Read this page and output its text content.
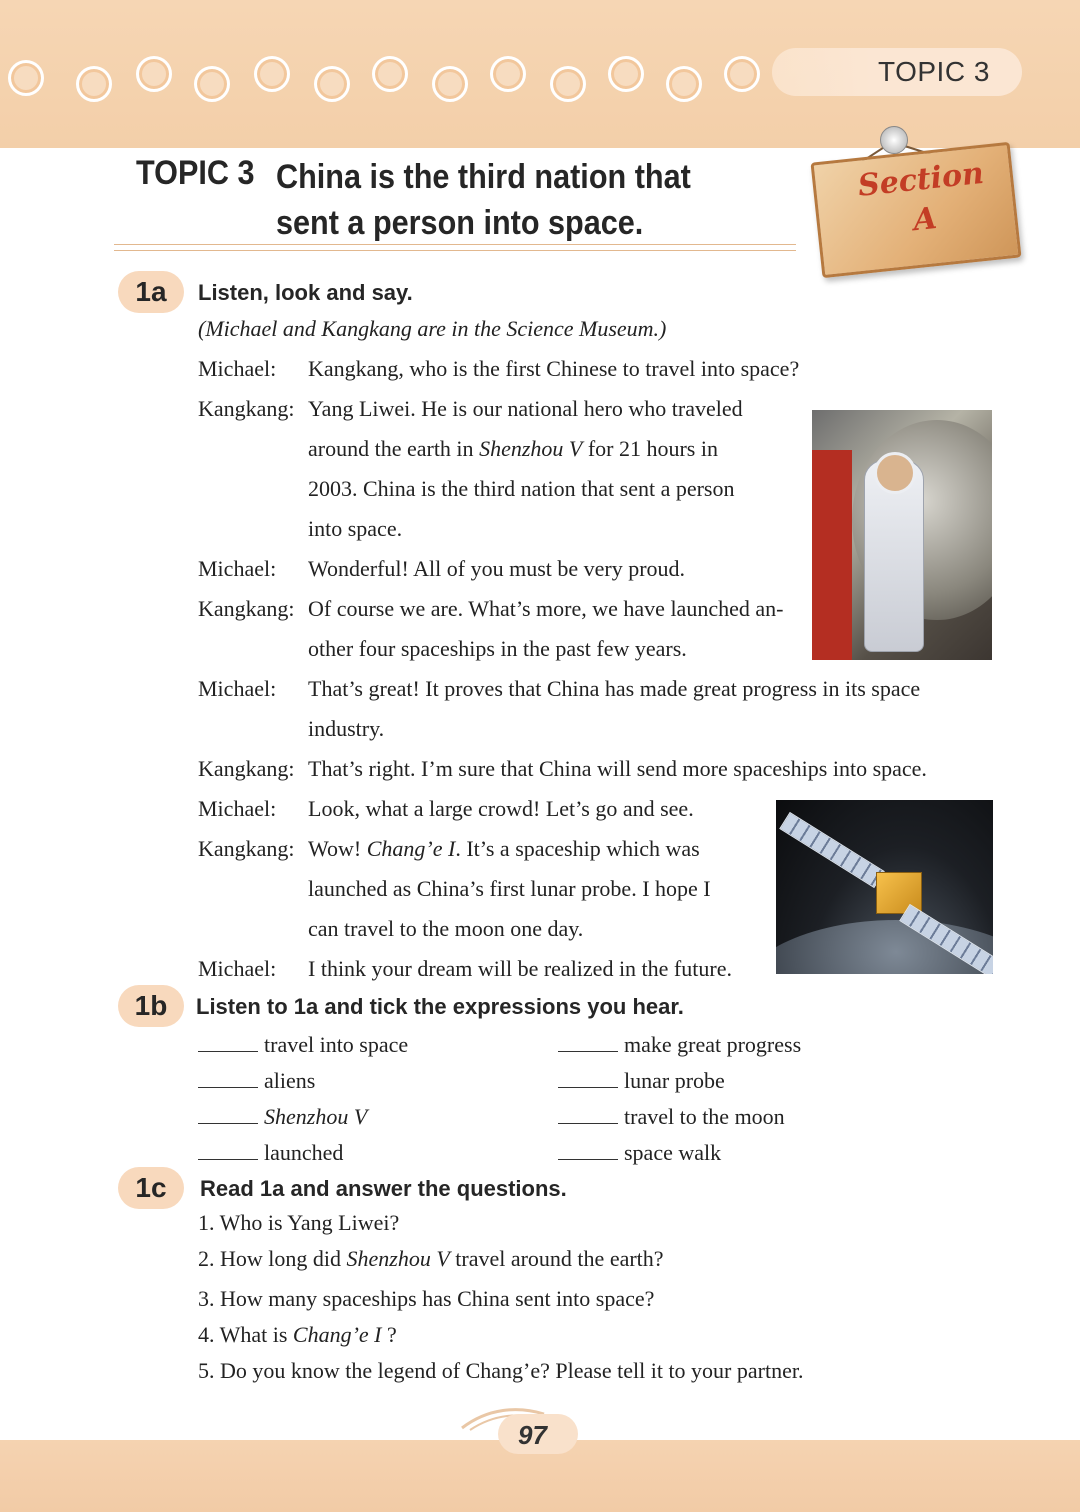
TOPIC 3
TOPIC 3 China is the third nation that
sent a person into space.
Section
A
1a	Listen, look and say.
(Michael and Kangkang are in the Science Museum.)
Michael: Kangkang, who is the first Chinese to travel into space?
Kangkang: Yang Liwei. He is our national hero who traveled
around the earth in Shenzhou V for 21 hours in
2003. China is the third nation that sent a person
into space.
Michael: Wonderful! All of you must be very proud.
Kangkang: Of course we are. What’s more, we have launched an-
other four spaceships in the past few years.
Michael: That’s great! It proves that China has made great progress in its space
industry.
Kangkang: That’s right. I’m sure that China will send more spaceships into space.
Michael: Look, what a large crowd! Let’s go and see.
Kangkang: Wow! Chang’e I. It’s a spaceship which was
launched as China’s first lunar probe. I hope I
can travel to the moon one day.
Michael: I think your dream will be realized in the future.
1b	Listen to 1a and tick the expressions you hear.
travel into space
aliens
Shenzhou V
launched
make great progress
lunar probe
travel to the moon
space walk
1c	Read 1a and answer the questions.
1. Who is Yang Liwei?
2. How long did Shenzhou V travel around the earth?
3. How many spaceships has China sent into space?
4. What is Chang’e I ?
5. Do you know the legend of Chang’e? Please tell it to your partner.
97
